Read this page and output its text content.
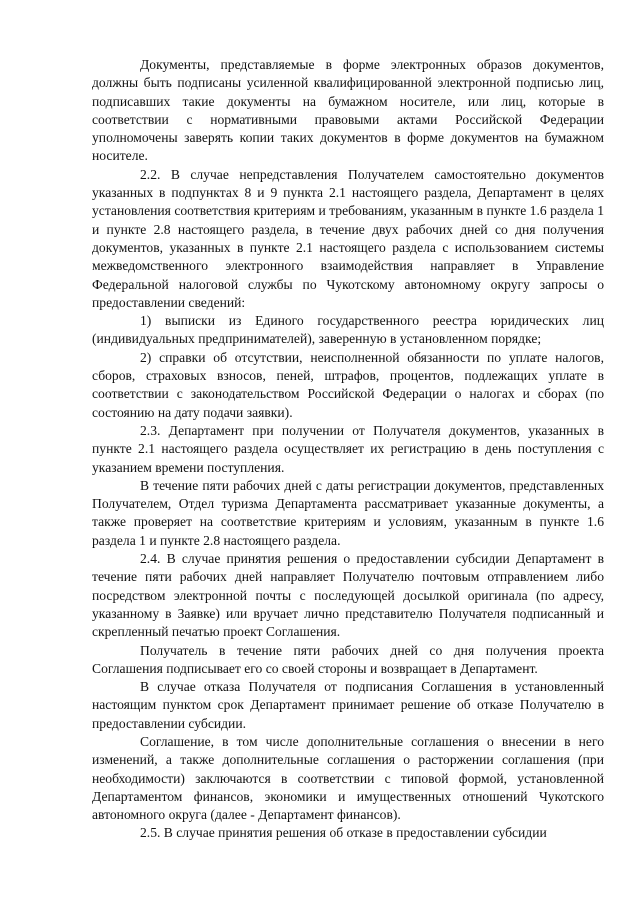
Документы, представляемые в форме электронных образов документов, должны быть подписаны усиленной квалифицированной электронной подписью лиц, подписавших такие документы на бумажном носителе, или лиц, которые в соответствии с нормативными правовыми актами Российской Федерации уполномочены заверять копии таких документов в форме документов на бумажном носителе.

2.2. В случае непредставления Получателем самостоятельно документов указанных в подпунктах 8 и 9 пункта 2.1 настоящего раздела, Департамент в целях установления соответствия критериям и требованиям, указанным в пункте 1.6 раздела 1 и пункте 2.8 настоящего раздела, в течение двух рабочих дней со дня получения документов, указанных в пункте 2.1 настоящего раздела с использованием системы межведомственного электронного взаимодействия направляет в Управление Федеральной налоговой службы по Чукотскому автономному округу запросы о предоставлении сведений:

1) выписки из Единого государственного реестра юридических лиц (индивидуальных предпринимателей), заверенную в установленном порядке;

2) справки об отсутствии, неисполненной обязанности по уплате налогов, сборов, страховых взносов, пеней, штрафов, процентов, подлежащих уплате в соответствии с законодательством Российской Федерации о налогах и сборах (по состоянию на дату подачи заявки).

2.3. Департамент при получении от Получателя документов, указанных в пункте 2.1 настоящего раздела осуществляет их регистрацию в день поступления с указанием времени поступления.

В течение пяти рабочих дней с даты регистрации документов, представленных Получателем, Отдел туризма Департамента рассматривает указанные документы, а также проверяет на соответствие критериям и условиям, указанным в пункте 1.6 раздела 1 и пункте 2.8 настоящего раздела.

2.4. В случае принятия решения о предоставлении субсидии Департамент в течение пяти рабочих дней направляет Получателю почтовым отправлением либо посредством электронной почты с последующей досылкой оригинала (по адресу, указанному в Заявке) или вручает лично представителю Получателя подписанный и скрепленный печатью проект Соглашения.

Получатель в течение пяти рабочих дней со дня получения проекта Соглашения подписывает его со своей стороны и возвращает в Департамент.

В случае отказа Получателя от подписания Соглашения в установленный настоящим пунктом срок Департамент принимает решение об отказе Получателю в предоставлении субсидии.

Соглашение, в том числе дополнительные соглашения о внесении в него изменений, а также дополнительные соглашения о расторжении соглашения (при необходимости) заключаются в соответствии с типовой формой, установленной Департаментом финансов, экономики и имущественных отношений Чукотского автономного округа (далее - Департамент финансов).

2.5. В случае принятия решения об отказе в предоставлении субсидии
